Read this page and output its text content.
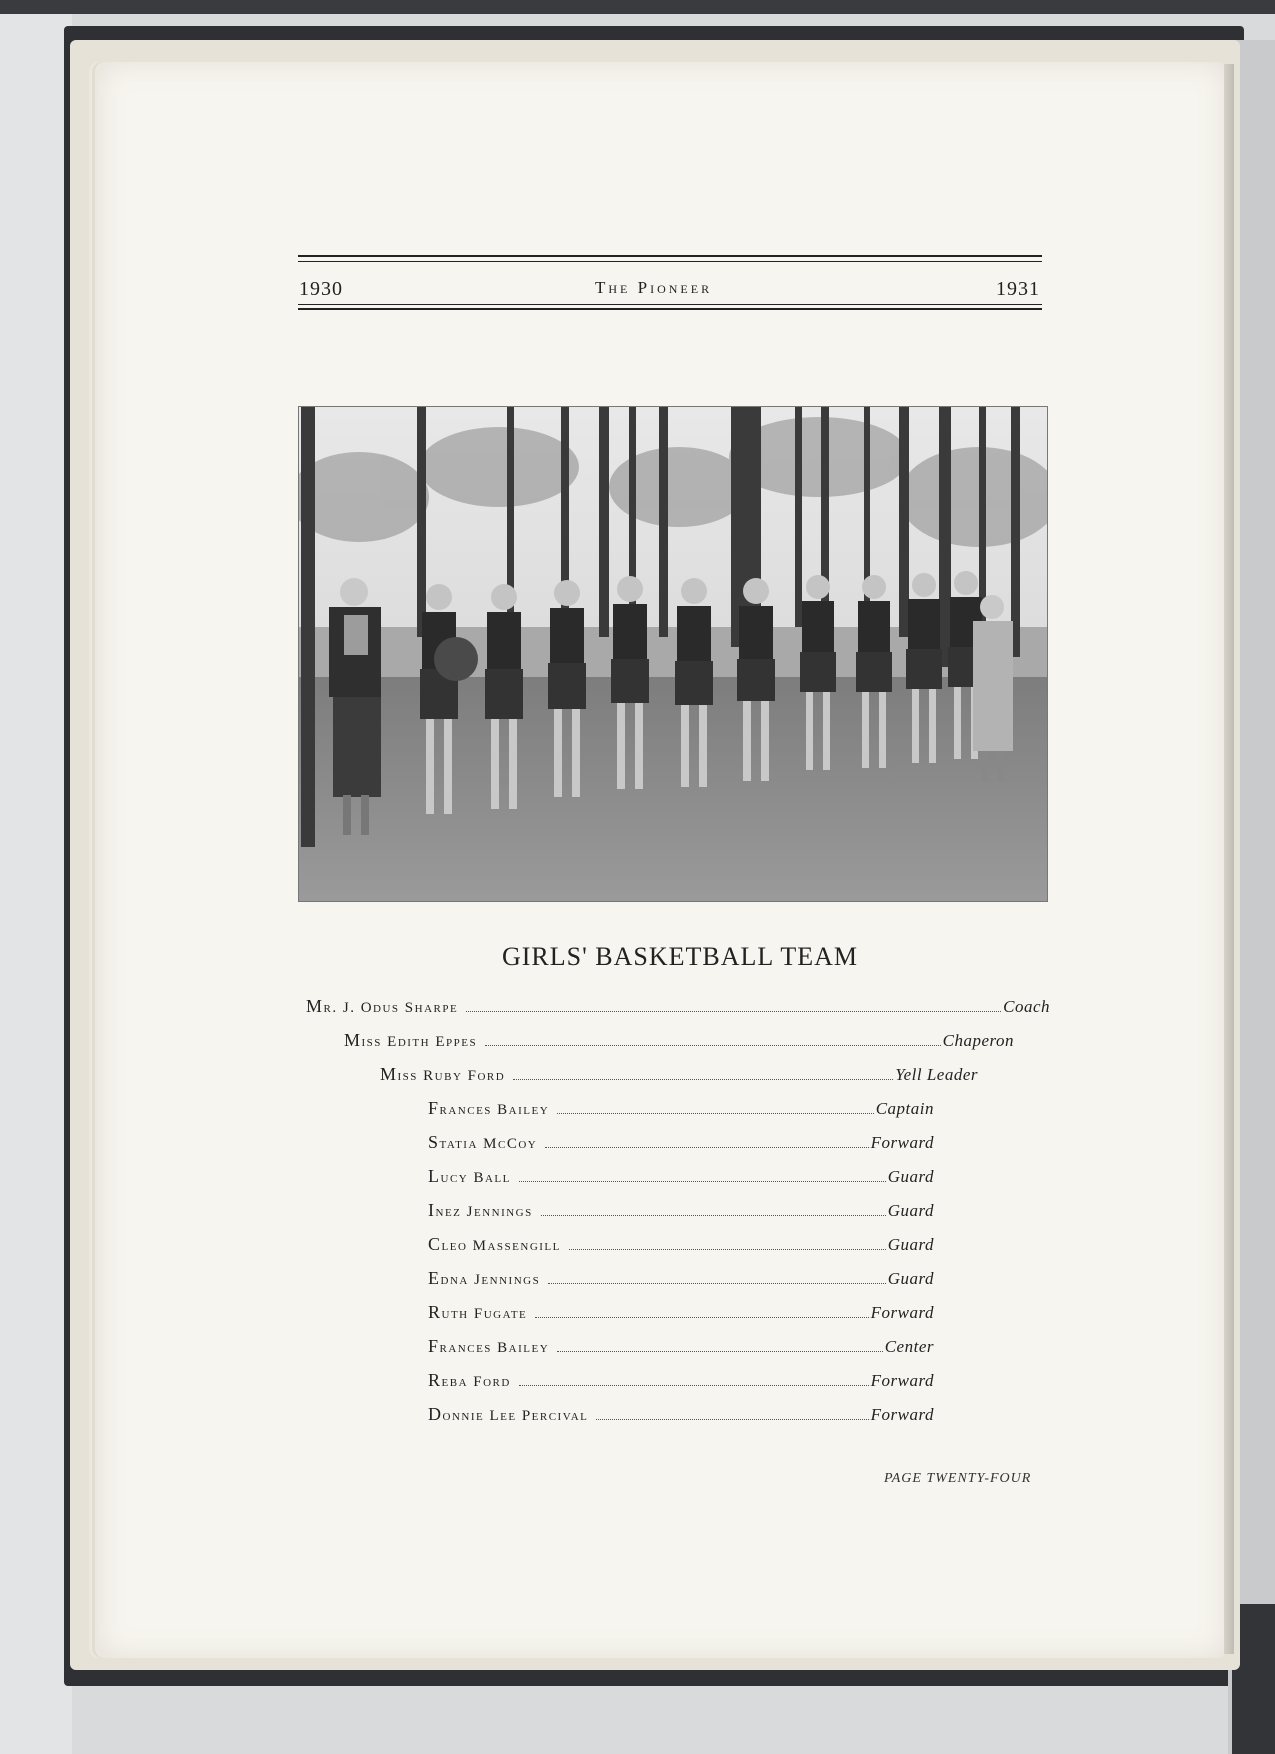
1930	The Pioneer	1931
GIRLS' BASKETBALL TEAM
Mr. J. Odus Sharpe	Coach
Miss Edith Eppes	Chaperon
Miss Ruby Ford	Yell Leader
Frances Bailey	Captain
Statia McCoy	Forward
Lucy Ball	Guard
Inez Jennings	Guard
Cleo Massengill	Guard
Edna Jennings	Guard
Ruth Fugate	Forward
Frances Bailey	Center
Reba Ford	Forward
Donnie Lee Percival	Forward
PAGE TWENTY-FOUR
